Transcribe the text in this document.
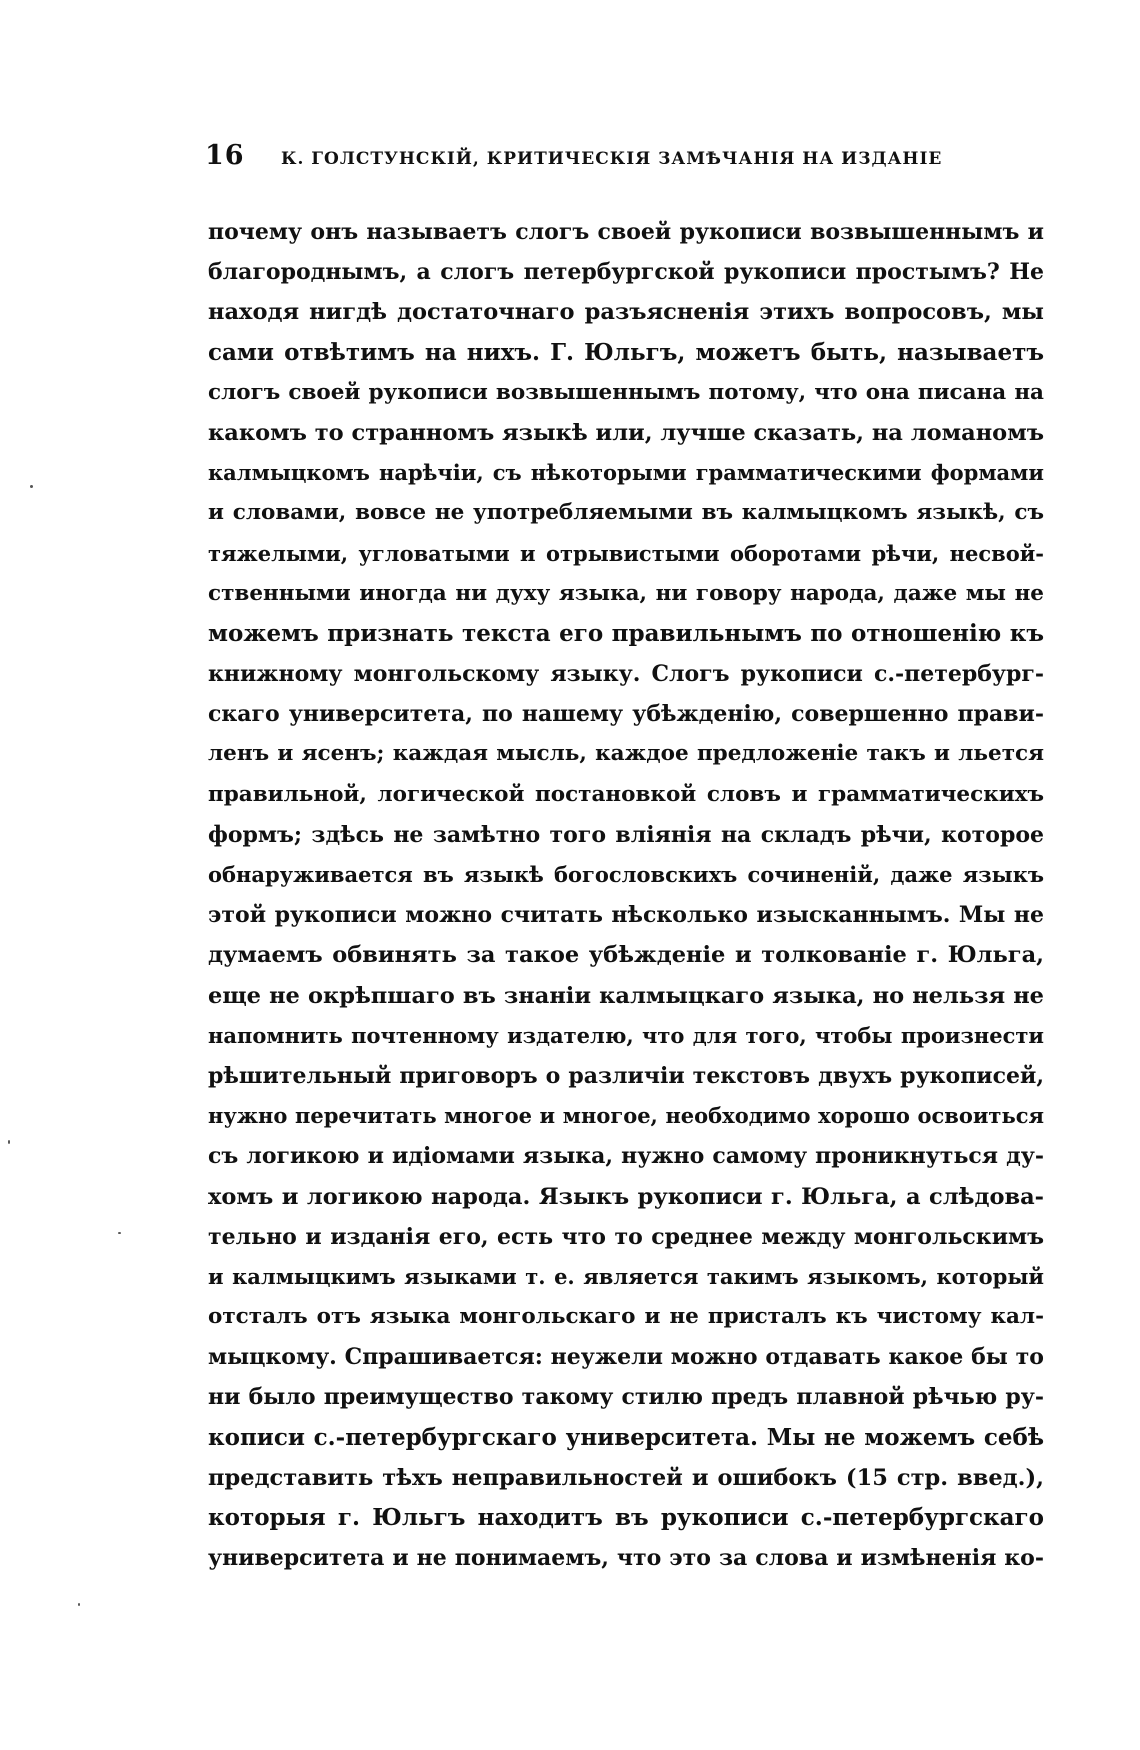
16	К. ГОЛСТУНСКІЙ, КРИТИЧЕСКІЯ ЗАМѢЧАНІЯ НА ИЗДАНІЕ
почему онъ называетъ слогъ своей рукописи возвышеннымъ и
благороднымъ, а слогъ петербургской рукописи простымъ? Не
находя нигдѣ достаточнаго разъясненія этихъ вопросовъ, мы
сами отвѣтимъ на нихъ. Г. Юльгъ, можетъ быть, называетъ
слогъ своей рукописи возвышеннымъ потому, что она писана на
какомъ то странномъ языкѣ или, лучше сказать, на ломаномъ
калмыцкомъ нарѣчіи, съ нѣкоторыми грамматическими формами
и словами, вовсе не употребляемыми въ калмыцкомъ языкѣ, съ
тяжелыми, угловатыми и отрывистыми оборотами рѣчи, несвой-
ственными иногда ни духу языка, ни говору народа, даже мы не
можемъ признать текста его правильнымъ по отношенію къ
книжному монгольскому языку. Слогъ рукописи с.-петербург-
скаго университета, по нашему убѣжденію, совершенно прави-
ленъ и ясенъ; каждая мысль, каждое предложеніе такъ и льется
правильной, логической постановкой словъ и грамматическихъ
формъ; здѣсь не замѣтно того вліянія на складъ рѣчи, которое
обнаруживается въ языкѣ богословскихъ сочиненій, даже языкъ
этой рукописи можно считать нѣсколько изысканнымъ. Мы не
думаемъ обвинять за такое убѣжденіе и толкованіе г. Юльга,
еще не окрѣпшаго въ знаніи калмыцкаго языка, но нельзя не
напомнить почтенному издателю, что для того, чтобы произнести
рѣшительный приговоръ о различіи текстовъ двухъ рукописей,
нужно перечитать многое и многое, необходимо хорошо освоиться
съ логикою и идіомами языка, нужно самому проникнуться ду-
хомъ и логикою народа. Языкъ рукописи г. Юльга, а слѣдова-
тельно и изданія его, есть что то среднее между монгольскимъ
и калмыцкимъ языками т. е. является такимъ языкомъ, который
отсталъ отъ языка монгольскаго и не присталъ къ чистому кал-
мыцкому. Спрашивается: неужели можно отдавать какое бы то
ни было преимущество такому стилю предъ плавной рѣчью ру-
кописи с.-петербургскаго университета. Мы не можемъ себѣ
представить тѣхъ неправильностей и ошибокъ (15 стр. введ.),
которыя г. Юльгъ находитъ въ рукописи с.-петербургскаго
университета и не понимаемъ, что это за слова и измѣненія ко-
